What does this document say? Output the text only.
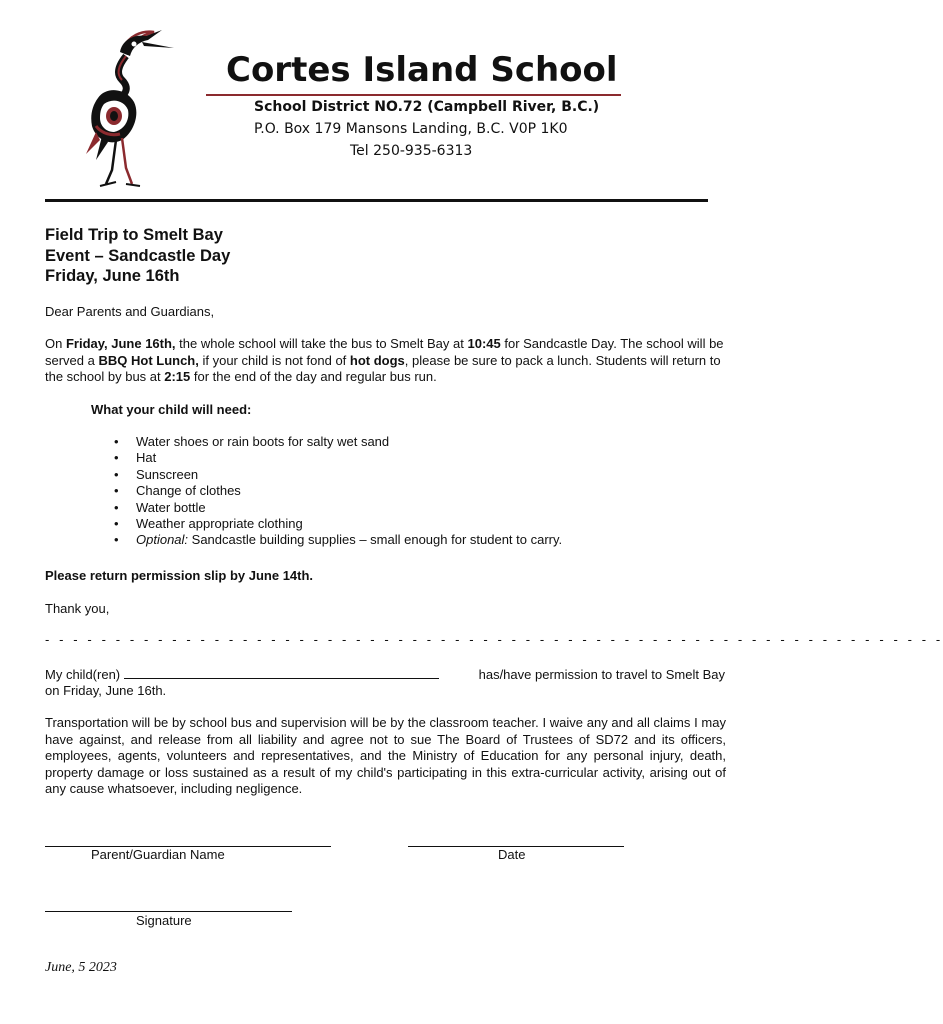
Cortes Island School
School District NO.72 (Campbell River, B.C.)
P.O. Box 179 Mansons Landing, B.C. V0P 1K0
Tel 250-935-6313
Field Trip to Smelt Bay
Event – Sandcastle Day
Friday, June 16th
Dear Parents and Guardians,
On Friday, June 16th, the whole school will take the bus to Smelt Bay at 10:45 for Sandcastle Day. The school will be served a BBQ Hot Lunch, if your child is not fond of hot dogs, please be sure to pack a lunch. Students will return to the school by bus at 2:15 for the end of the day and regular bus run.
What your child will need:
• Water shoes or rain boots for salty wet sand
• Hat
• Sunscreen
• Change of clothes
• Water bottle
• Weather appropriate clothing
• Optional: Sandcastle building supplies – small enough for student to carry.
Please return permission slip by June 14th.
Thank you,
- - - - - - - - - - - - - - - - - - - - - - - - - - - - - - - - - - - - - - - - - - - - - - - - - - - - - - - - - - - - - - - -
My child(ren)	has/have permission to travel to Smelt Bay
on Friday, June 16th.
Transportation will be by school bus and supervision will be by the classroom teacher. I waive any and all claims I may have against, and release from all liability and agree not to sue The Board of Trustees of SD72 and its officers, employees, agents, volunteers and representatives, and the Ministry of Education for any personal injury, death, property damage or loss sustained as a result of my child's participating in this extra-curricular activity, arising out of any cause whatsoever, including negligence.
Parent/Guardian Name	Date
Signature
June, 5 2023
